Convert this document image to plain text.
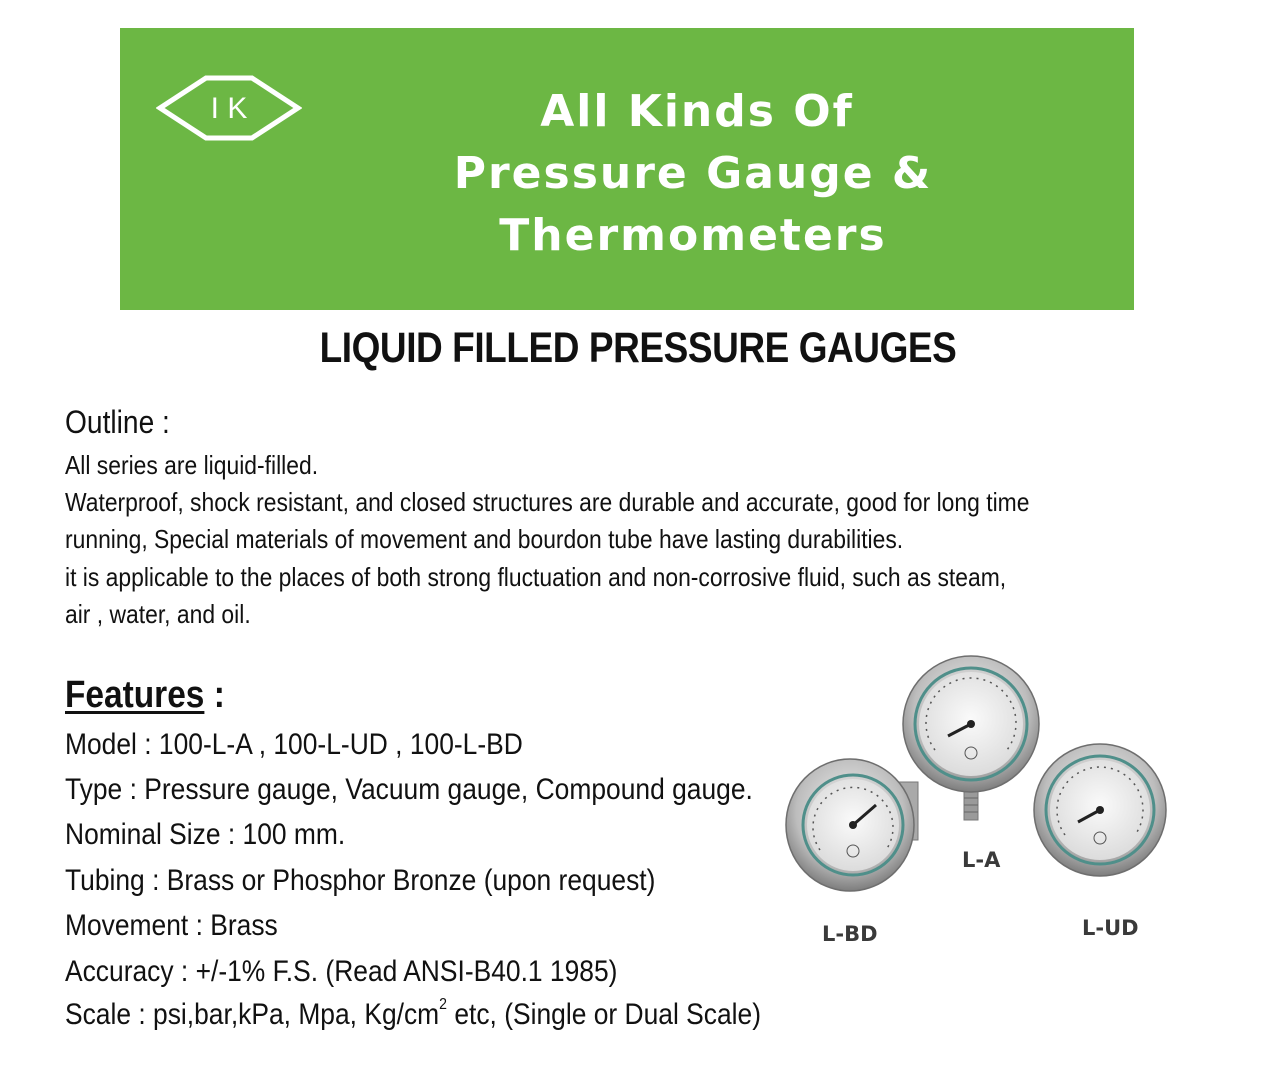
I K	All Kinds Of
Pressure Gauge &
Thermometers
LIQUID FILLED PRESSURE GAUGES
Outline :
All series are liquid-filled.
Waterproof, shock resistant, and closed structures are durable and accurate, good for long time
running, Special materials of movement and bourdon tube have lasting durabilities.
it is applicable to the places of both strong fluctuation and non-corrosive fluid, such as steam,
air , water, and oil.
Features :
Model : 100-L-A , 100-L-UD , 100-L-BD
Type : Pressure gauge, Vacuum gauge, Compound gauge.
Nominal Size : 100 mm.
Tubing : Brass or Phosphor Bronze (upon request)
Movement : Brass
Accuracy : +/-1% F.S. (Read ANSI-B40.1 1985)
Scale : psi,bar,kPa, Mpa, $Kg/cm^2$ etc, (Single or Dual Scale)
L-A
L-BD	L-UD
